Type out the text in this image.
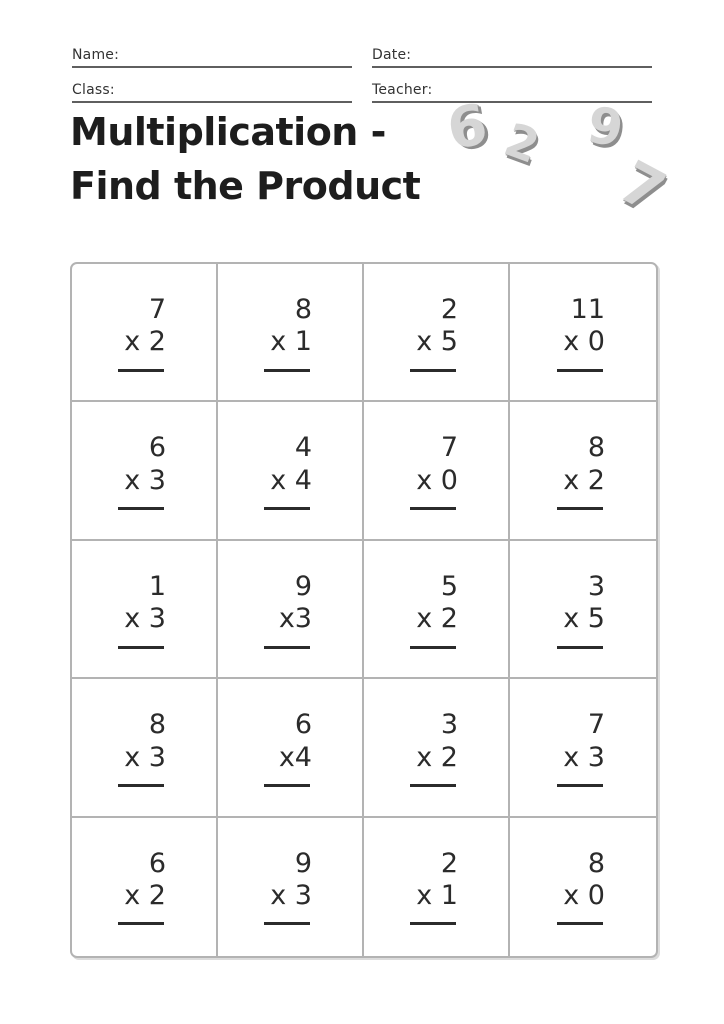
Name:	Date:
Class:	Teacher:
Multiplication -
Find the Product
6 2 9
7
7
x 2
8
x 1
2
x 5
11
x 0
6
x 3
4
x 4
7
x 0
8
x 2
1
x 3
9
x3
5
x 2
3
x 5
8
x 3
6
x4
3
x 2
7
x 3
6
x 2
9
x 3
2
x 1
8
x 0
